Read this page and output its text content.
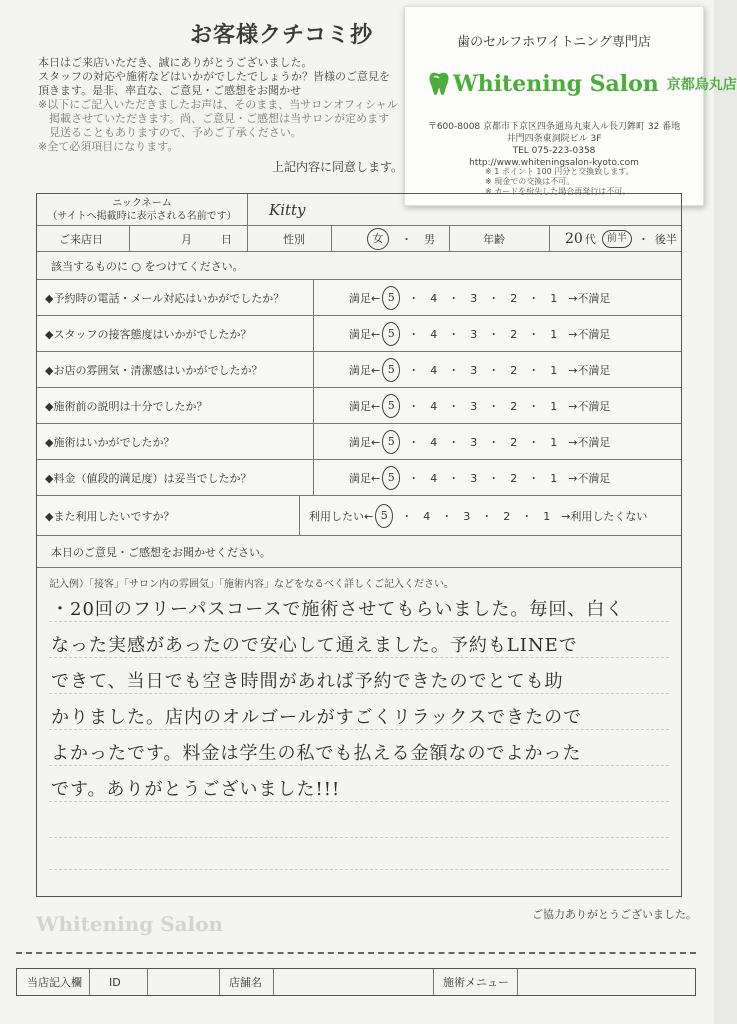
お客様クチコミ抄
本日はご来店いただき、誠にありがとうございました。
スタッフの対応や施術などはいかがでしたでしょうか？皆様のご意見を
頂きます。是非、率直な、ご意見・ご感想をお聞かせ
※以下にご記入いただきましたお声は、そのまま、当サロンオフィシャル
掲載させていただきます。尚、ご意見・ご感想は当サロンが定めます
見送ることもありますので、予めご了承ください。
※全て必須項目になります。
上記内容に同意します。
歯のセルフホワイトニング専門店
Whitening Salon 京都烏丸店
〒600-8008 京都市下京区四条通烏丸東入ル長刀鉾町 32 番地
井門四条東洞院ビル 3F
TEL 075-223-0358
http://www.whiteningsalon-kyoto.com
※ 1 ポイント 100 円分と交換致します。
※ 現金での交換は不可。
※ カードを紛失した場合再発行は不可。
ニックネーム
（サイトへ掲載時に表示される名前です） Kitty
ご来店日	月	日	性別	女	・ 男	年齢	20 代	前半	・ 後半
該当するものに ○ をつけてください。
◆予約時の電話・メール対応はいかがでしたか？	満足← 5	・　4　・　3　・　2　・　1　→不満足
◆スタッフの接客態度はいかがでしたか？	満足← 5	・　4　・　3　・　2　・　1　→不満足
◆お店の雰囲気・清潔感はいかがでしたか？	満足← 5	・　4　・　3　・　2　・　1　→不満足
◆施術前の説明は十分でしたか？	満足← 5	・　4　・　3　・　2　・　1　→不満足
◆施術はいかがでしたか？	満足← 5	・　4　・　3　・　2　・　1　→不満足
◆料金（値段的満足度）は妥当でしたか？	満足← 5	・　4　・　3　・　2　・　1　→不満足
◆また利用したいですか？	利用したい← 5	・　4　・　3　・　2　・　1　→利用したくない
本日のご意見・ご感想をお聞かせください。
記入例）「接客」「サロン内の雰囲気」「施術内容」などをなるべく詳しくご記入ください。
・20回のフリーパスコースで施術させてもらいました。毎回、白く
なった実感があったので安心して通えました。予約もLINEで
できて、当日でも空き時間があれば予約できたのでとても助
かりました。店内のオルゴールがすごくリラックスできたので
よかったです。料金は学生の私でも払える金額なのでよかった
です。ありがとうございました!!!
Whitening Salon	ご協力ありがとうございました。
当店記入欄 ID	店舗名	施術メニュー
